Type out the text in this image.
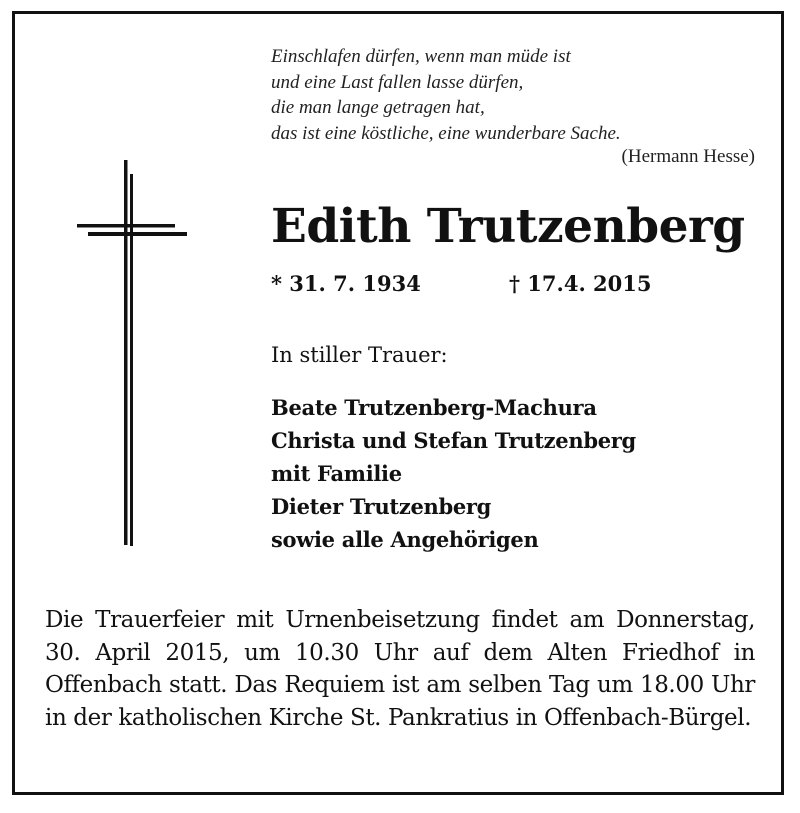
Einschlafen dürfen, wenn man müde ist
und eine Last fallen lasse dürfen,
die man lange getragen hat,
das ist eine köstliche, eine wunderbare Sache.
(Hermann Hesse)
Edith Trutzenberg
* 31. 7. 1934	† 17.4. 2015
In stiller Trauer:
Beate Trutzenberg-Machura
Christa und Stefan Trutzenberg
mit Familie
Dieter Trutzenberg
sowie alle Angehörigen
Die Trauerfeier mit Urnenbeisetzung findet am Donnerstag, 30. April 2015, um 10.30 Uhr auf dem Alten Friedhof in Offenbach statt. Das Requiem ist am selben Tag um 18.00 Uhr in der katholischen Kirche St. Pankratius in Offenbach-Bürgel.
